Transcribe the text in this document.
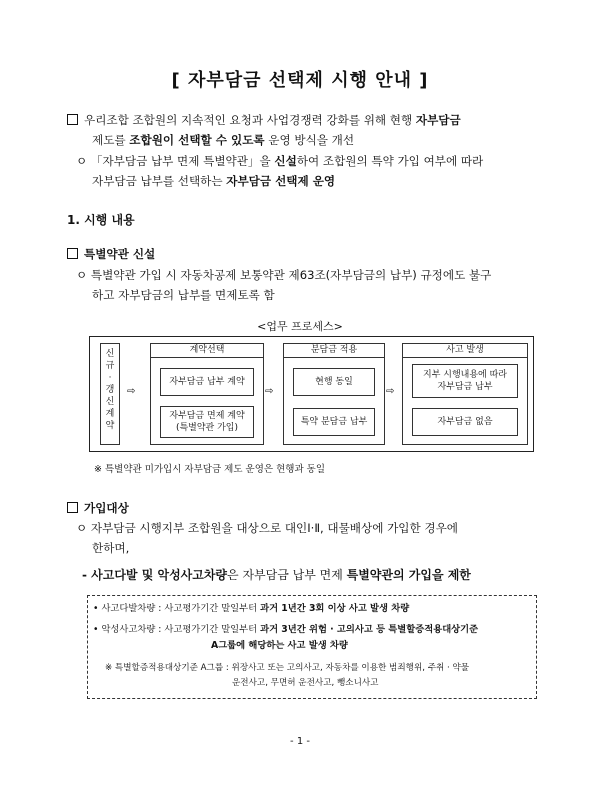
[ 자부담금 선택제 시행 안내 ]
우리조합 조합원의 지속적인 요청과 사업경쟁력 강화를 위해 현행 자부담금
제도를 조합원이 선택할 수 있도록 운영 방식을 개선
ㅇ 「자부담금 납부 면제 특별약관」을 신설하여 조합원의 특약 가입 여부에 따라
자부담금 납부를 선택하는 자부담금 선택제 운영
1. 시행 내용
특별약관 신설
ㅇ 특별약관 가입 시 자동차공제 보통약관 제63조(자부담금의 납부) 규정에도 불구
하고 자부담금의 납부를 면제토록 함
<업무 프로세스>
신
규
·
갱
신
계
약
⇨
계약선택
자부담금 납부 계약
자부담금 면제 계약
(특별약관 가입)
⇨
분담금 적용
현행 동일
특약 분담금 납부
⇨
사고 발생
지부 시행내용에 따라
자부담금 납부
자부담금 없음
※ 특별약관 미가입시 자부담금 제도 운영은 현행과 동일
가입대상
ㅇ 자부담금 시행지부 조합원을 대상으로 대인Ⅰ·Ⅱ, 대물배상에 가입한 경우에
한하며,
- 사고다발 및 악성사고차량은 자부담금 납부 면제 특별약관의 가입을 제한
• 사고다발차량 : 사고평가기간 말일부터 과거 1년간 3회 이상 사고 발생 차량
• 악성사고차량 : 사고평가기간 말일부터 과거 3년간 위험 · 고의사고 등 특별할증적용대상기준
A그룹에 해당하는 사고 발생 차량
※ 특별할증적용대상기준 A그룹 : 위장사고 또는 고의사고, 자동차를 이용한 범죄행위, 주취 · 약물
운전사고, 무면허 운전사고, 뺑소니사고
- 1 -
